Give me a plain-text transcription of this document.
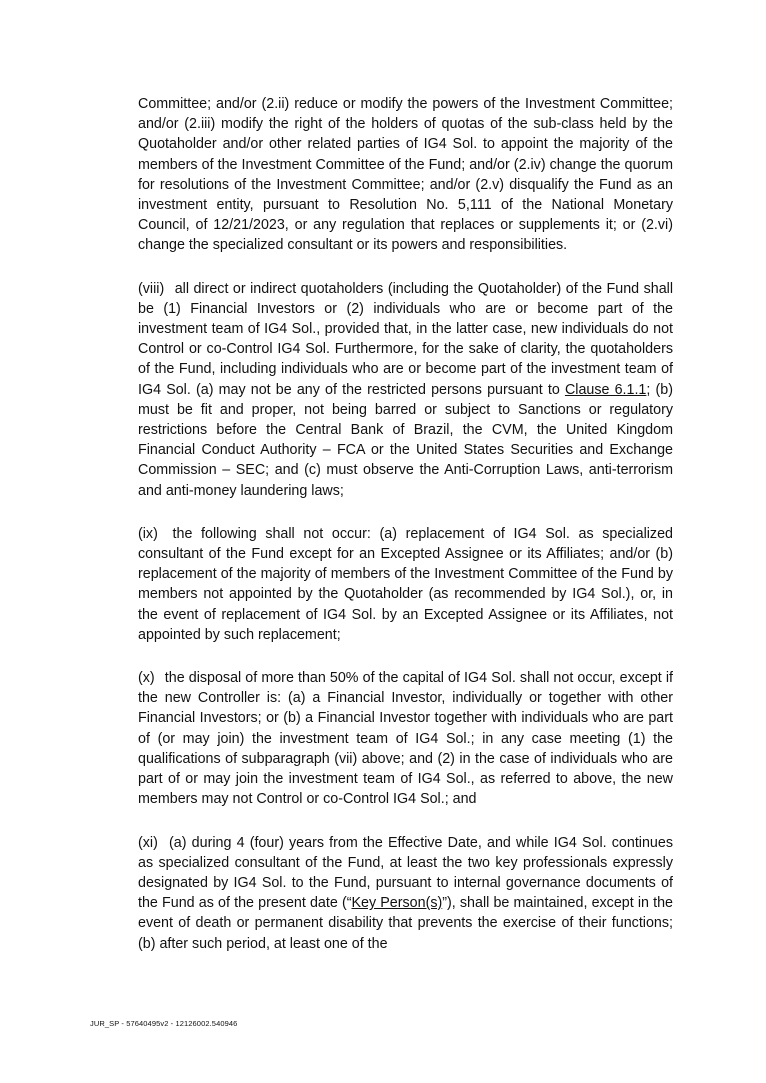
Committee; and/or (2.ii) reduce or modify the powers of the Investment Committee; and/or (2.iii) modify the right of the holders of quotas of the sub-class held by the Quotaholder and/or other related parties of IG4 Sol. to appoint the majority of the members of the Investment Committee of the Fund; and/or (2.iv) change the quorum for resolutions of the Investment Committee; and/or (2.v) disqualify the Fund as an investment entity, pursuant to Resolution No. 5,111 of the National Monetary Council, of 12/21/2023, or any regulation that replaces or supplements it; or (2.vi) change the specialized consultant or its powers and responsibilities.

(viii) all direct or indirect quotaholders (including the Quotaholder) of the Fund shall be (1) Financial Investors or (2) individuals who are or become part of the investment team of IG4 Sol., provided that, in the latter case, new individuals do not Control or co-Control IG4 Sol. Furthermore, for the sake of clarity, the quotaholders of the Fund, including individuals who are or become part of the investment team of IG4 Sol. (a) may not be any of the restricted persons pursuant to Clause 6.1.1; (b) must be fit and proper, not being barred or subject to Sanctions or regulatory restrictions before the Central Bank of Brazil, the CVM, the United Kingdom Financial Conduct Authority – FCA or the United States Securities and Exchange Commission – SEC; and (c) must observe the Anti-Corruption Laws, anti-terrorism and anti-money laundering laws;

(ix) the following shall not occur: (a) replacement of IG4 Sol. as specialized consultant of the Fund except for an Excepted Assignee or its Affiliates; and/or (b) replacement of the majority of members of the Investment Committee of the Fund by members not appointed by the Quotaholder (as recommended by IG4 Sol.), or, in the event of replacement of IG4 Sol. by an Excepted Assignee or its Affiliates, not appointed by such replacement;

(x) the disposal of more than 50% of the capital of IG4 Sol. shall not occur, except if the new Controller is: (a) a Financial Investor, individually or together with other Financial Investors; or (b) a Financial Investor together with individuals who are part of (or may join) the investment team of IG4 Sol.; in any case meeting (1) the qualifications of subparagraph (vii) above; and (2) in the case of individuals who are part of or may join the investment team of IG4 Sol., as referred to above, the new members may not Control or co-Control IG4 Sol.; and

(xi) (a) during 4 (four) years from the Effective Date, and while IG4 Sol. continues as specialized consultant of the Fund, at least the two key professionals expressly designated by IG4 Sol. to the Fund, pursuant to internal governance documents of the Fund as of the present date (“Key Person(s)”), shall be maintained, except in the event of death or permanent disability that prevents the exercise of their functions; (b) after such period, at least one of the

JUR_SP - 57640495v2 - 12126002.540946
